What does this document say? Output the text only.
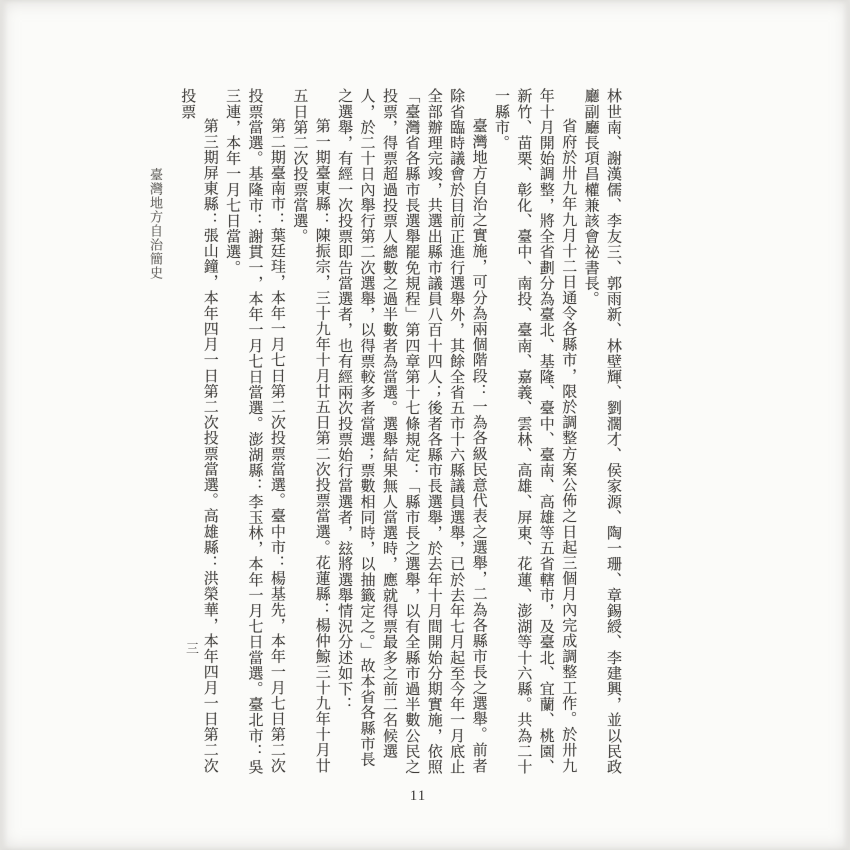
林世南、謝漢儒、李友三、郭雨新、林壁輝、劉濶才、侯家源、陶一珊、章錫綬、李建興，並以民政廳副廳長項昌權兼該會祕書長。

省府於卅九年九月十二日通令各縣市，限於調整方案公佈之日起三個月內完成調整工作。於卅九年十月開始調整，將全省劃分為臺北、基隆、臺中、臺南、高雄等五省轄市，及臺北、宜蘭、桃園、新竹、苗栗、彰化、臺中、南投、臺南、嘉義、雲林、高雄、屏東、花蓮、澎湖等十六縣。共為二十一縣市。

臺灣地方自治之實施，可分為兩個階段：一為各級民意代表之選舉，二為各縣市長之選舉。前者除省臨時議會於目前正進行選舉外，其餘全省五市十六縣議員選舉，已於去年七月起至今年一月底止全部辦理完竣，共選出縣市議員八百十四人；後者各縣市長選舉，於去年十月間開始分期實施，依照「臺灣省各縣市長選舉罷免規程」第四章第十七條規定：「縣市長之選舉，以有全縣市過半數公民之投票，得票超過投票人總數之過半數者為當選。選舉結果無人當選時，應就得票最多之前二名候選人，於二十日內舉行第二次選舉，以得票較多者當選；票數相同時，以抽籤定之。」故本省各縣市長之選舉，有經一次投票即告當選者，也有經兩次投票始行當選者，玆將選舉情況分述如下：

第一期臺東縣：陳振宗，三十九年十月廿五日第二次投票當選。花蓮縣：楊仲鯨三十九年十月廿五日第二次投票當選。

第二期臺南市：葉廷珪，本年一月七日第二次投票當選。臺中市：楊基先，本年一月七日第二次投票當選。基隆市：謝貫一，本年一月七日當選。澎湖縣：李玉林，本年一月七日當選。臺北市：吳三連，本年一月七日當選。

第三期屏東縣：張山鐘，本年四月一日第二次投票當選。高雄縣：洪榮華，本年四月一日第二次投票

臺灣地方自治簡史
三
11
